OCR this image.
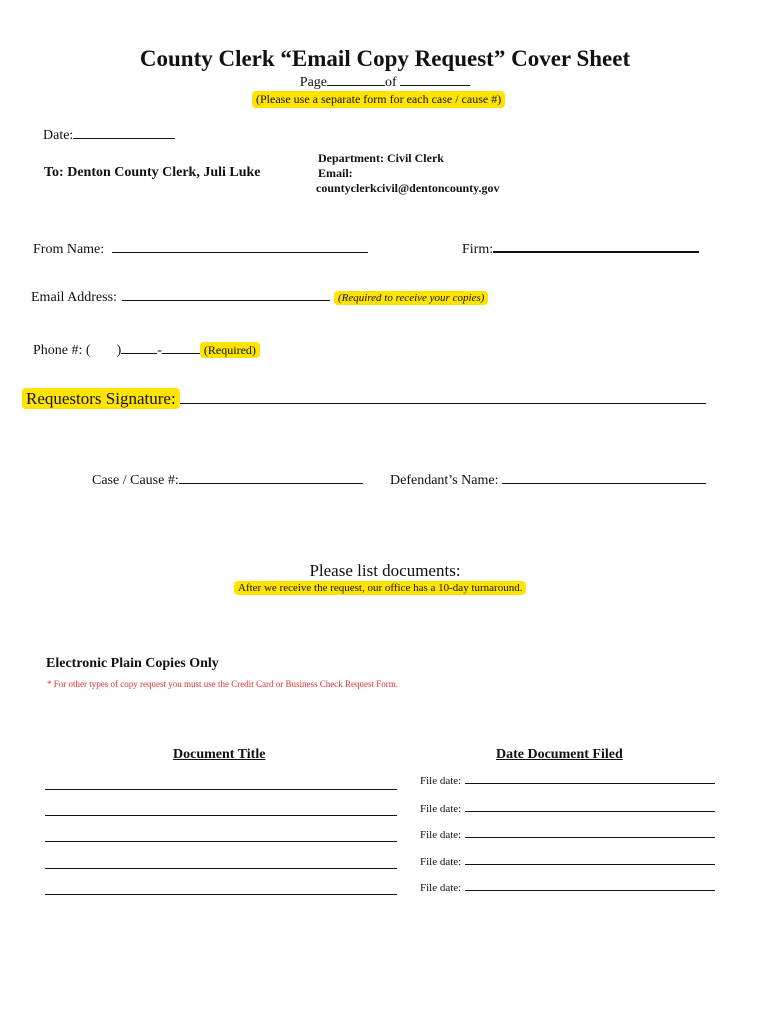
County Clerk “Email Copy Request” Cover Sheet
Page	of
(Please use a separate form for each case / cause #)
Date:
To: Denton County Clerk, Juli Luke
Department: Civil Clerk
Email:
countyclerkcivil@dentoncounty.gov
From Name:	Firm:
Email Address:	(Required to receive your copies)
Phone #: ( )	-	(Required)
Requestors Signature:
Case / Cause #:	Defendant’s Name:
Please list documents:
After we receive the request, our office has a 10-day turnaround.
Electronic Plain Copies Only
* For other types of copy request you must use the Credit Card or Business Check Request Form.
Document Title	Date Document Filed
File date:
File date:
File date:
File date:
File date:
